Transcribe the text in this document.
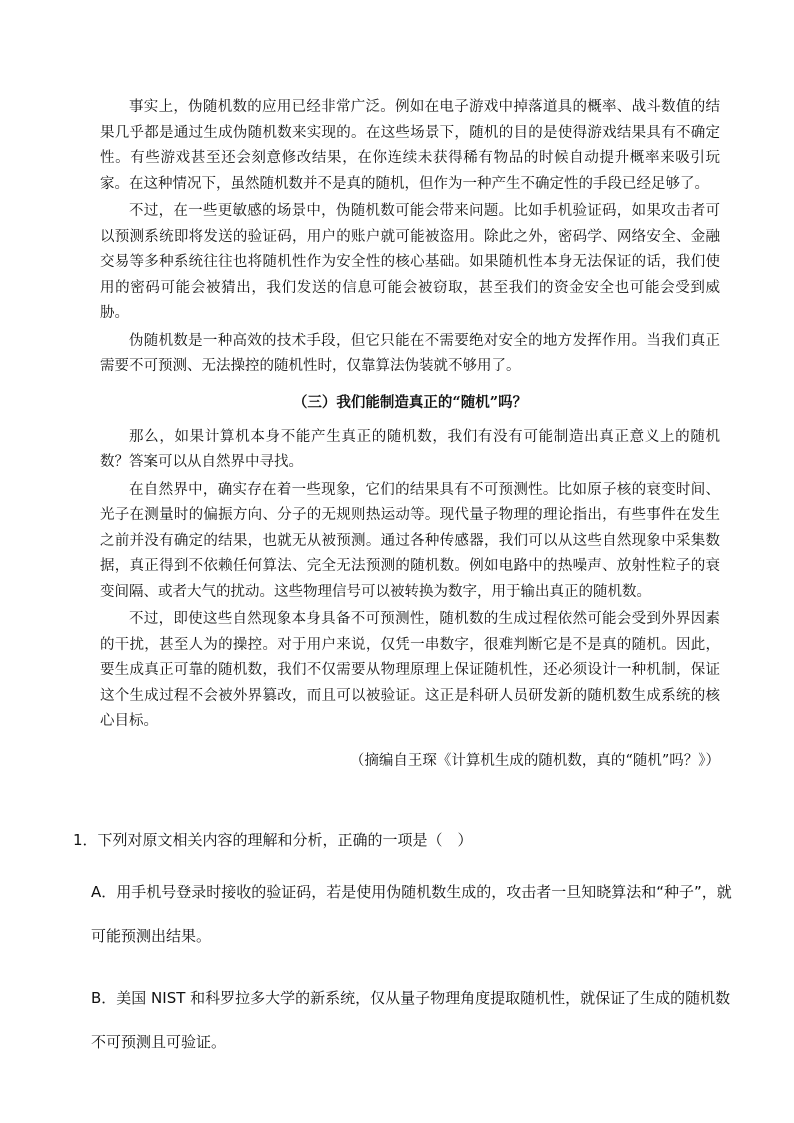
事实上，伪随机数的应用已经非常广泛。例如在电子游戏中掉落道具的概率、战斗数值的结果几乎都是通过生成伪随机数来实现的。在这些场景下，随机的目的是使得游戏结果具有不确定性。有些游戏甚至还会刻意修改结果，在你连续未获得稀有物品的时候自动提升概率来吸引玩家。在这种情况下，虽然随机数并不是真的随机，但作为一种产生不确定性的手段已经足够了。

不过，在一些更敏感的场景中，伪随机数可能会带来问题。比如手机验证码，如果攻击者可以预测系统即将发送的验证码，用户的账户就可能被盗用。除此之外，密码学、网络安全、金融交易等多种系统往往也将随机性作为安全性的核心基础。如果随机性本身无法保证的话，我们使用的密码可能会被猜出，我们发送的信息可能会被窃取，甚至我们的资金安全也可能会受到威胁。

伪随机数是一种高效的技术手段，但它只能在不需要绝对安全的地方发挥作用。当我们真正需要不可预测、无法操控的随机性时，仅靠算法伪装就不够用了。

（三）我们能制造真正的“随机”吗？

那么，如果计算机本身不能产生真正的随机数，我们有没有可能制造出真正意义上的随机数？答案可以从自然界中寻找。

在自然界中，确实存在着一些现象，它们的结果具有不可预测性。比如原子核的衰变时间、光子在测量时的偏振方向、分子的无规则热运动等。现代量子物理的理论指出，有些事件在发生之前并没有确定的结果，也就无从被预测。通过各种传感器，我们可以从这些自然现象中采集数据，真正得到不依赖任何算法、完全无法预测的随机数。例如电路中的热噪声、放射性粒子的衰变间隔、或者大气的扰动。这些物理信号可以被转换为数字，用于输出真正的随机数。

不过，即使这些自然现象本身具备不可预测性，随机数的生成过程依然可能会受到外界因素的干扰，甚至人为的操控。对于用户来说，仅凭一串数字，很难判断它是不是真的随机。因此，要生成真正可靠的随机数，我们不仅需要从物理原理上保证随机性，还必须设计一种机制，保证这个生成过程不会被外界篡改，而且可以被验证。这正是科研人员研发新的随机数生成系统的核心目标。

（摘编自王琛《计算机生成的随机数，真的“随机”吗？》）

1．下列对原文相关内容的理解和分析，正确的一项是（　）
A．用手机号登录时接收的验证码，若是使用伪随机数生成的，攻击者一旦知晓算法和“种子”，就可能预测出结果。
B．美国 NIST 和科罗拉多大学的新系统，仅从量子物理角度提取随机性，就保证了生成的随机数不可预测且可验证。
